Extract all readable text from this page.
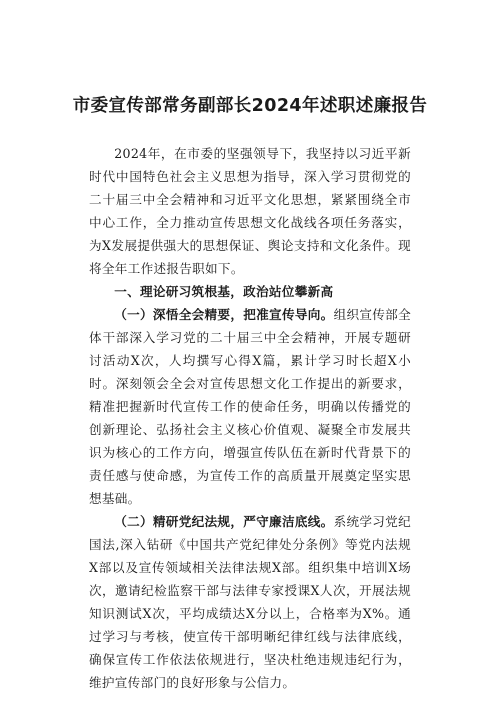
市委宣传部常务副部长2024年述职述廉报告

2024年，在市委的坚强领导下，我坚持以习近平新时代中国特色社会主义思想为指导，深入学习贯彻党的二十届三中全会精神和习近平文化思想，紧紧围绕全市中心工作，全力推动宣传思想文化战线各项任务落实，为X发展提供强大的思想保证、舆论支持和文化条件。现将全年工作述报告职如下。

一、理论研习筑根基，政治站位攀新高

（一）深悟全会精要，把准宣传导向。组织宣传部全体干部深入学习党的二十届三中全会精神，开展专题研讨活动X次，人均撰写心得X篇，累计学习时长超X小时。深刻领会全会对宣传思想文化工作提出的新要求，精准把握新时代宣传工作的使命任务，明确以传播党的创新理论、弘扬社会主义核心价值观、凝聚全市发展共识为核心的工作方向，增强宣传队伍在新时代背景下的责任感与使命感，为宣传工作的高质量开展奠定坚实思想基础。

（二）精研党纪法规，严守廉洁底线。系统学习党纪国法,深入钻研《中国共产党纪律处分条例》等党内法规X部以及宣传领域相关法律法规X部。组织集中培训X场次，邀请纪检监察干部与法律专家授课X人次，开展法规知识测试X次，平均成绩达X分以上，合格率为X%。通过学习与考核，使宣传干部明晰纪律红线与法律底线，确保宣传工作依法依规进行，坚决杜绝违规违纪行为，维护宣传部门的良好形象与公信力。
